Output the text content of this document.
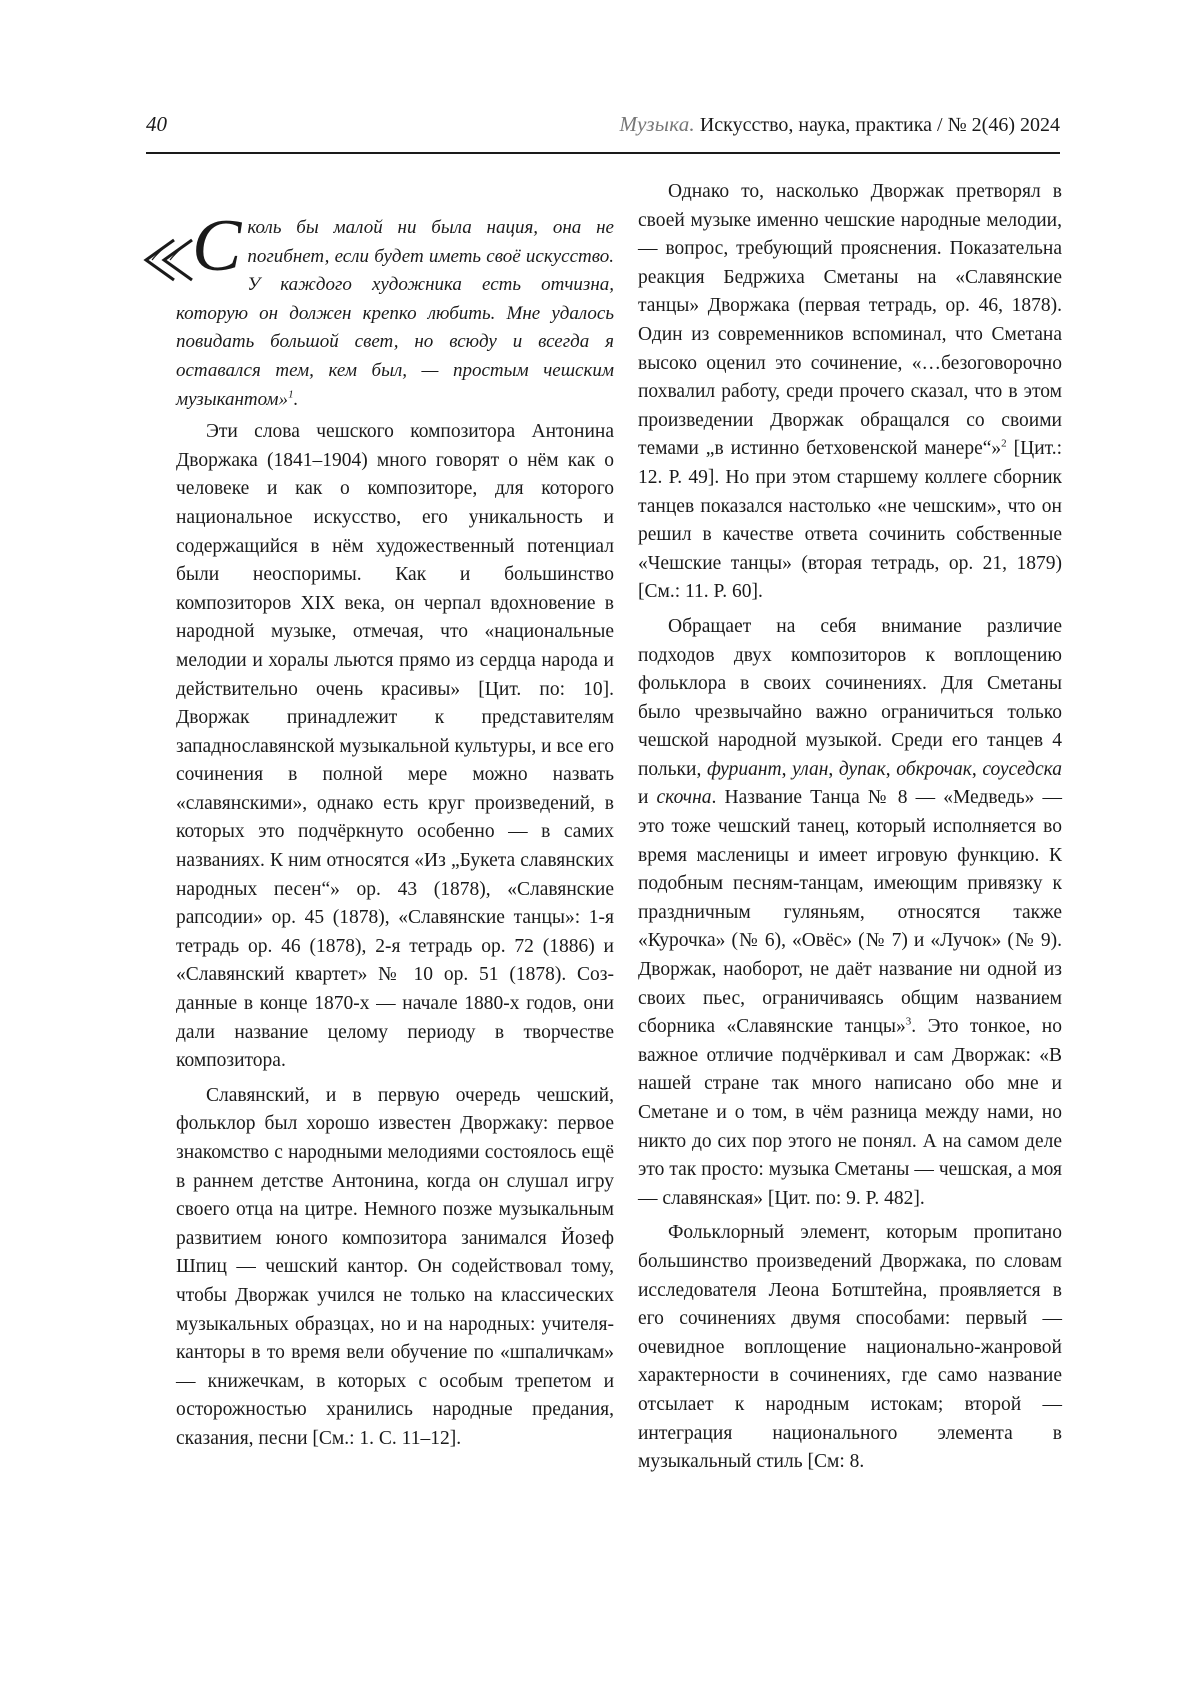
40	Музыка. Искусство, наука, практика / № 2(46) 2024
С коль бы малой ни была нация, она не погибнет, если будет иметь своё искусство. У каждого художника есть отчизна, которую он должен крепко любить. Мне удалось повидать большой свет, но всюду и всегда я оставался тем, кем был, — простым чешским музыкантом»$^1$.

Эти слова чешского композитора Антонина Дворжака (1841–1904) много говорят о нём как о человеке и как о композиторе, для которого национальное искусство, его уникальность и содержащийся в нём художественный потенциал были неоспоримы. Как и большинство композиторов XIX века, он черпал вдохновение в народной музыке, отмечая, что «национальные мелодии и хоралы льются прямо из сердца народа и действительно очень красивы» [Цит. по: 10]. Дворжак принадлежит к представителям западнославянской музыкальной культуры, и все его сочинения в полной мере можно назвать «славянскими», однако есть круг произведений, в которых это подчёркнуто особенно — в самих названиях. К ним относятся «Из „Букета славянских народных песен“» op. 43 (1878), «Славянские рапсодии» op. 45 (1878), «Славянские танцы»: 1-я тетрадь op. 46 (1878), 2-я тетрадь op. 72 (1886) и «Славянский квартет» № 10 op. 51 (1878). Созданные в конце 1870-х — начале 1880-х годов, они дали название целому периоду в творчестве композитора.

Славянский, и в первую очередь чешский, фольклор был хорошо известен Дворжаку: первое знакомство с народными мелодиями состоялось ещё в раннем детстве Антонина, когда он слушал игру своего отца на цитре. Немного позже музыкальным развитием юного композитора занимался Йозеф Шпиц — чешский кантор. Он содействовал тому, чтобы Дворжак учился не только на классических музыкальных образцах, но и на народных: учителя-канторы в то время вели обучение по «шпаличкам» — книжечкам, в которых с особым трепетом и осторожностью хранились народные предания, сказания, песни [См.: 1. С. 11–12].

Однако то, насколько Дворжак претворял в своей музыке именно чешские народные мелодии, — вопрос, требующий прояснения. Показательна реакция Бедржиха Сметаны на «Славянские танцы» Дворжака (первая тетрадь, op. 46, 1878). Один из современников вспоминал, что Сметана высоко оценил это сочинение, «…безоговорочно похвалил работу, среди прочего сказал, что в этом произведении Дворжак обращался со своими темами „в истинно бетховенской манере“»$^2$ [Цит.: 12. P. 49]. Но при этом старшему коллеге сборник танцев показался настолько «не чешским», что он решил в качестве ответа сочинить собственные «Чешские танцы» (вторая тетрадь, op. 21, 1879) [См.: 11. P. 60].

Обращает на себя внимание различие подходов двух композиторов к воплощению фольклора в своих сочинениях. Для Сметаны было чрезвычайно важно ограничиться только чешской народной музыкой. Среди его танцев 4 польки, фуриант, улан, дупак, обкрочак, соуседска и скочна. Название Танца № 8 — «Медведь» — это тоже чешский танец, который исполняется во время масленицы и имеет игровую функцию. К подобным песням-танцам, имеющим привязку к праздничным гуляньям, относятся также «Курочка» (№ 6), «Овёс» (№ 7) и «Лучок» (№ 9). Дворжак, наоборот, не даёт название ни одной из своих пьес, ограничиваясь общим названием сборника «Славянские танцы»$^3$. Это тонкое, но важное отличие подчёркивал и сам Дворжак: «В нашей стране так много написано обо мне и Сметане и о том, в чём разница между нами, но никто до сих пор этого не понял. А на самом деле это так просто: музыка Сметаны — чешская, а моя — славянская» [Цит. по: 9. P. 482].

Фольклорный элемент, которым пропитано большинство произведений Дворжака, по словам исследователя Леона Ботштейна, проявляется в его сочинениях двумя способами: первый — очевидное воплощение национально-жанровой характерности в сочинениях, где само название отсылает к народным истокам; второй — интеграция национального элемента в музыкальный стиль [См: 8.
